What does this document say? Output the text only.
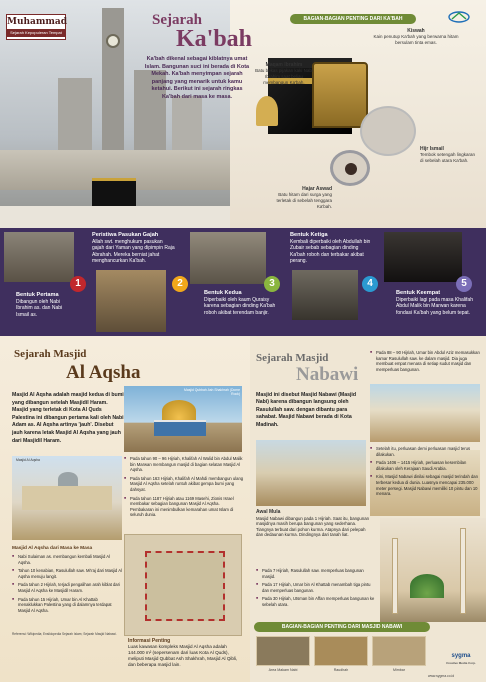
Muhammad
Sejarah Kepopuleran Tempat
Sejarah
Ka'bah
Ka'bah dikenal sebagai kiblatnya umat Islam. Bangunan suci ini berada di Kota Mekah. Ka'bah menyimpan sejarah panjang yang menarik untuk kamu ketahui. Berikut ini sejarah ringkas Ka'bah dari masa ke masa.
BAGIAN-BAGIAN PENTING DARI KA'BAH
Kiswah
Kain penutup Ka'bah yang berwarna hitam bersulam tinta emas.
Maqam Ibrahim
Batu bekas pijakan kaki Nabi Ibrahim saat beliau membangun Ka'bah.
Hijr Ismail
Tembok setengah lingkaran di sebelah utara Ka'bah.
Hajar Aswad
Batu hitam dari surga yang terletak di sebelah tenggara Ka'bah.
1
Bentuk Pertama
Dibangun oleh Nabi Ibrahim as. dan Nabi Ismail as.
Peristiwa Pasukan Gajah
Allah swt. menghukum pasukan gajah dari Yaman yang dipimpin Raja Abrahah. Mereka berniat jahat menghancurkan Ka'bah.
2	3
Bentuk Kedua
Diperbaiki oleh kaum Quraisy karena sebagian dinding Ka'bah roboh akibat terendam banjir.
Bentuk Ketiga
Kembali diperbaiki oleh Abdullah bin Zubair sebab sebagian dinding Ka'bah roboh dan terbakar akibat perang.
4	5
Bentuk Keempat
Diperbaiki lagi pada masa Khalifah Abdul Malik bin Marwan karena fondasi Ka'bah yang belum tepat.
Sejarah Masjid
Al Aqsha
Masjid Al Aqsha adalah masjid kedua di bumi yang dibangun setelah Masjidil Haram. Masjid yang terletak di Kota Al Quds Palestina ini dibangun pertama kali oleh Nabi Adam as. Al Aqsha artinya 'jauh'. Disebut jauh karena letak Masjid Al Aqsha yang jauh dari Masjidil Haram.
Masjid Qubbah Ash Shakhrah (Dome Rock)
■ Pada tahun 90 – 96 Hijriah, Khalifah Al Walid bin Abdul Malik bin Marwan membangun masjid di bagian selatan Masjid Al Aqsha.
■ Pada tahun 163 Hijriah, Khalifah Al Mahdi membangun ulang Masjid Al Aqsha setelah runtuh akibat gempa bumi yang dahsyat.
■ Pada tahun 1187 Hijriah atau 1169 Masehi, Zionis Israel membakar sebagian bangunan Masjid Al Aqsha. Pembakaran ini menimbulkan kemarahan umat Islam di seluruh dunia.
Masjid Al Aqsha
Masjid Al Aqsha dari Masa ke Masa
■ Nabi Sulaiman as. membangun kembali Masjid Al Aqsha.
■ Tahun 10 kenabian, Rasulullah saw. Mi'raj dari Masjid Al Aqsha menuju langit.
■ Pada tahun 2 Hijriah, terjadi pengalihan arah kiblat dari Masjid Al Aqsha ke Masjidil Haram.
■ Pada tahun 15 Hijriah, Umar bin Al Khattab menaklukkan Palestina yang di dalamnya terdapat Masjid Al Aqsha.
Referensi: Wikipedia; Ensiklopedia Sejarah Islam; Sejarah Masjid Nabawi.
Informasi Penting
Luas kawasan kompleks Masjid Al Aqsha adalah 144.000 m² (sepersenam dari luas Kota Al Quds), meliputi Masjid Qubbat Ash Shakhrah, Masjid Al Qibli, dan beberapa masjid lain.
Sejarah Masjid
Nabawi
■ Pada 88 – 90 Hijriah, Umar bin Abdul Aziz memasukkan kamar Rasulullah saw. ke dalam masjid. Dia juga membuat empat menara di setiap sudut masjid dan memperluas bangunan.
Masjid ini disebut Masjid Nabawi (Masjid Nabi) karena dibangun langsung oleh Rasulullah saw. dengan dibantu para sahabat. Masjid Nabawi berada di Kota Madinah.
■ Setelah itu, perluasan demi perluasan masjid terus dilakukan.
■ Pada 1406 – 1415 Hijriah, perluasan kesembilan dilakukan oleh Kerajaan Saudi Arabia.
■ Kini, Masjid Nabawi dinilai sebagai masjid terindah dan terbesar kedua di dunia. Luasnya mencapai 235.000 meter persegi. Masjid Nabawi memiliki 10 pintu dan 10 menara.
Awal Mula
Masjid Nabawi dibangun pada 1 Hijriah. Saat itu, bangunan masjidnya masih berupa bangunan yang sederhana. Tiangnya terbuat dari pohon kurma. Atapnya dari pelepah dan dedaunan kurma. Dindingnya dari tanah liat.
■ Pada 7 Hijriah, Rasulullah saw. memperluas bangunan masjid.
■ Pada 17 Hijriah, Umar bin Al Khattab menambah tiga pintu dan memperluas bangunan.
■ Pada 30 Hijriah, Utsman bin Affan memperluas bangunan ke sebelah utara.
BAGIAN-BAGIAN PENTING DARI MASJID NABAWI
Area Makam Nabi	Raudhah	Mimbar
sygma
Creative Media Corp.
www.sygma.co.id
